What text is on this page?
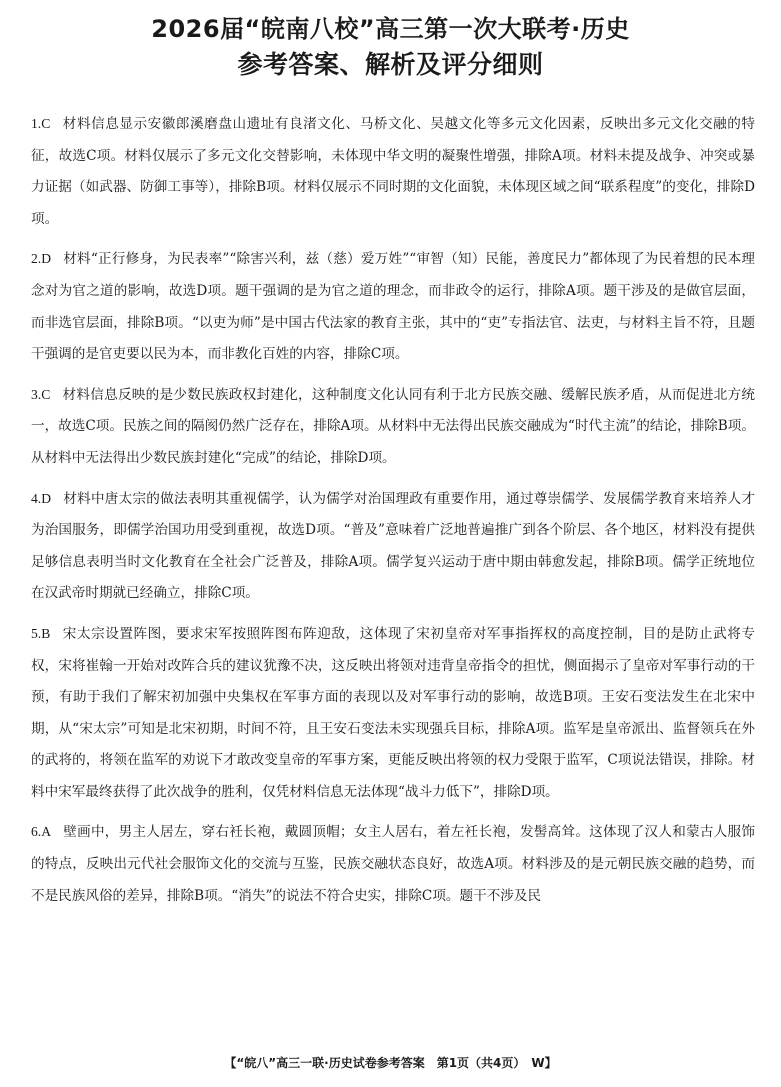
2026届“皖南八校”高三第一次大联考·历史
参考答案、解析及评分细则
1.C 材料信息显示安徽郎溪磨盘山遗址有良渚文化、马桥文化、吴越文化等多元文化因素，反映出多元文化交融的特征，故选C项。材料仅展示了多元文化交替影响，未体现中华文明的凝聚性增强，排除A项。材料未提及战争、冲突或暴力证据（如武器、防御工事等），排除B项。材料仅展示不同时期的文化面貌，未体现区域之间“联系程度”的变化，排除D项。
2.D 材料“正行修身，为民表率”“除害兴利，兹（慈）爱万姓”“审智（知）民能，善度民力”都体现了为民着想的民本理念对为官之道的影响，故选D项。题干强调的是为官之道的理念，而非政令的运行，排除A项。题干涉及的是做官层面，而非选官层面，排除B项。“以吏为师”是中国古代法家的教育主张，其中的“吏”专指法官、法吏，与材料主旨不符，且题干强调的是官吏要以民为本，而非教化百姓的内容，排除C项。
3.C 材料信息反映的是少数民族政权封建化，这种制度文化认同有利于北方民族交融、缓解民族矛盾，从而促进北方统一，故选C项。民族之间的隔阂仍然广泛存在，排除A项。从材料中无法得出民族交融成为“时代主流”的结论，排除B项。从材料中无法得出少数民族封建化“完成”的结论，排除D项。
4.D 材料中唐太宗的做法表明其重视儒学，认为儒学对治国理政有重要作用，通过尊崇儒学、发展儒学教育来培养人才为治国服务，即儒学治国功用受到重视，故选D项。“普及”意味着广泛地普遍推广到各个阶层、各个地区，材料没有提供足够信息表明当时文化教育在全社会广泛普及，排除A项。儒学复兴运动于唐中期由韩愈发起，排除B项。儒学正统地位在汉武帝时期就已经确立，排除C项。
5.B 宋太宗设置阵图，要求宋军按照阵图布阵迎敌，这体现了宋初皇帝对军事指挥权的高度控制，目的是防止武将专权，宋将崔翰一开始对改阵合兵的建议犹豫不决，这反映出将领对违背皇帝指令的担忧，侧面揭示了皇帝对军事行动的干预，有助于我们了解宋初加强中央集权在军事方面的表现以及对军事行动的影响，故选B项。王安石变法发生在北宋中期，从“宋太宗”可知是北宋初期，时间不符，且王安石变法未实现强兵目标，排除A项。监军是皇帝派出、监督领兵在外的武将的，将领在监军的劝说下才敢改变皇帝的军事方案，更能反映出将领的权力受限于监军，C项说法错误，排除。材料中宋军最终获得了此次战争的胜利，仅凭材料信息无法体现“战斗力低下”，排除D项。
6.A 壁画中，男主人居左，穿右衽长袍，戴圆顶帽；女主人居右，着左衽长袍，发髻高耸。这体现了汉人和蒙古人服饰的特点，反映出元代社会服饰文化的交流与互鉴，民族交融状态良好，故选A项。材料涉及的是元朝民族交融的趋势，而不是民族风俗的差异，排除B项。“消失”的说法不符合史实，排除C项。题干不涉及民
【“皖八”高三一联·历史试卷参考答案　第1页（共4页）　W】
